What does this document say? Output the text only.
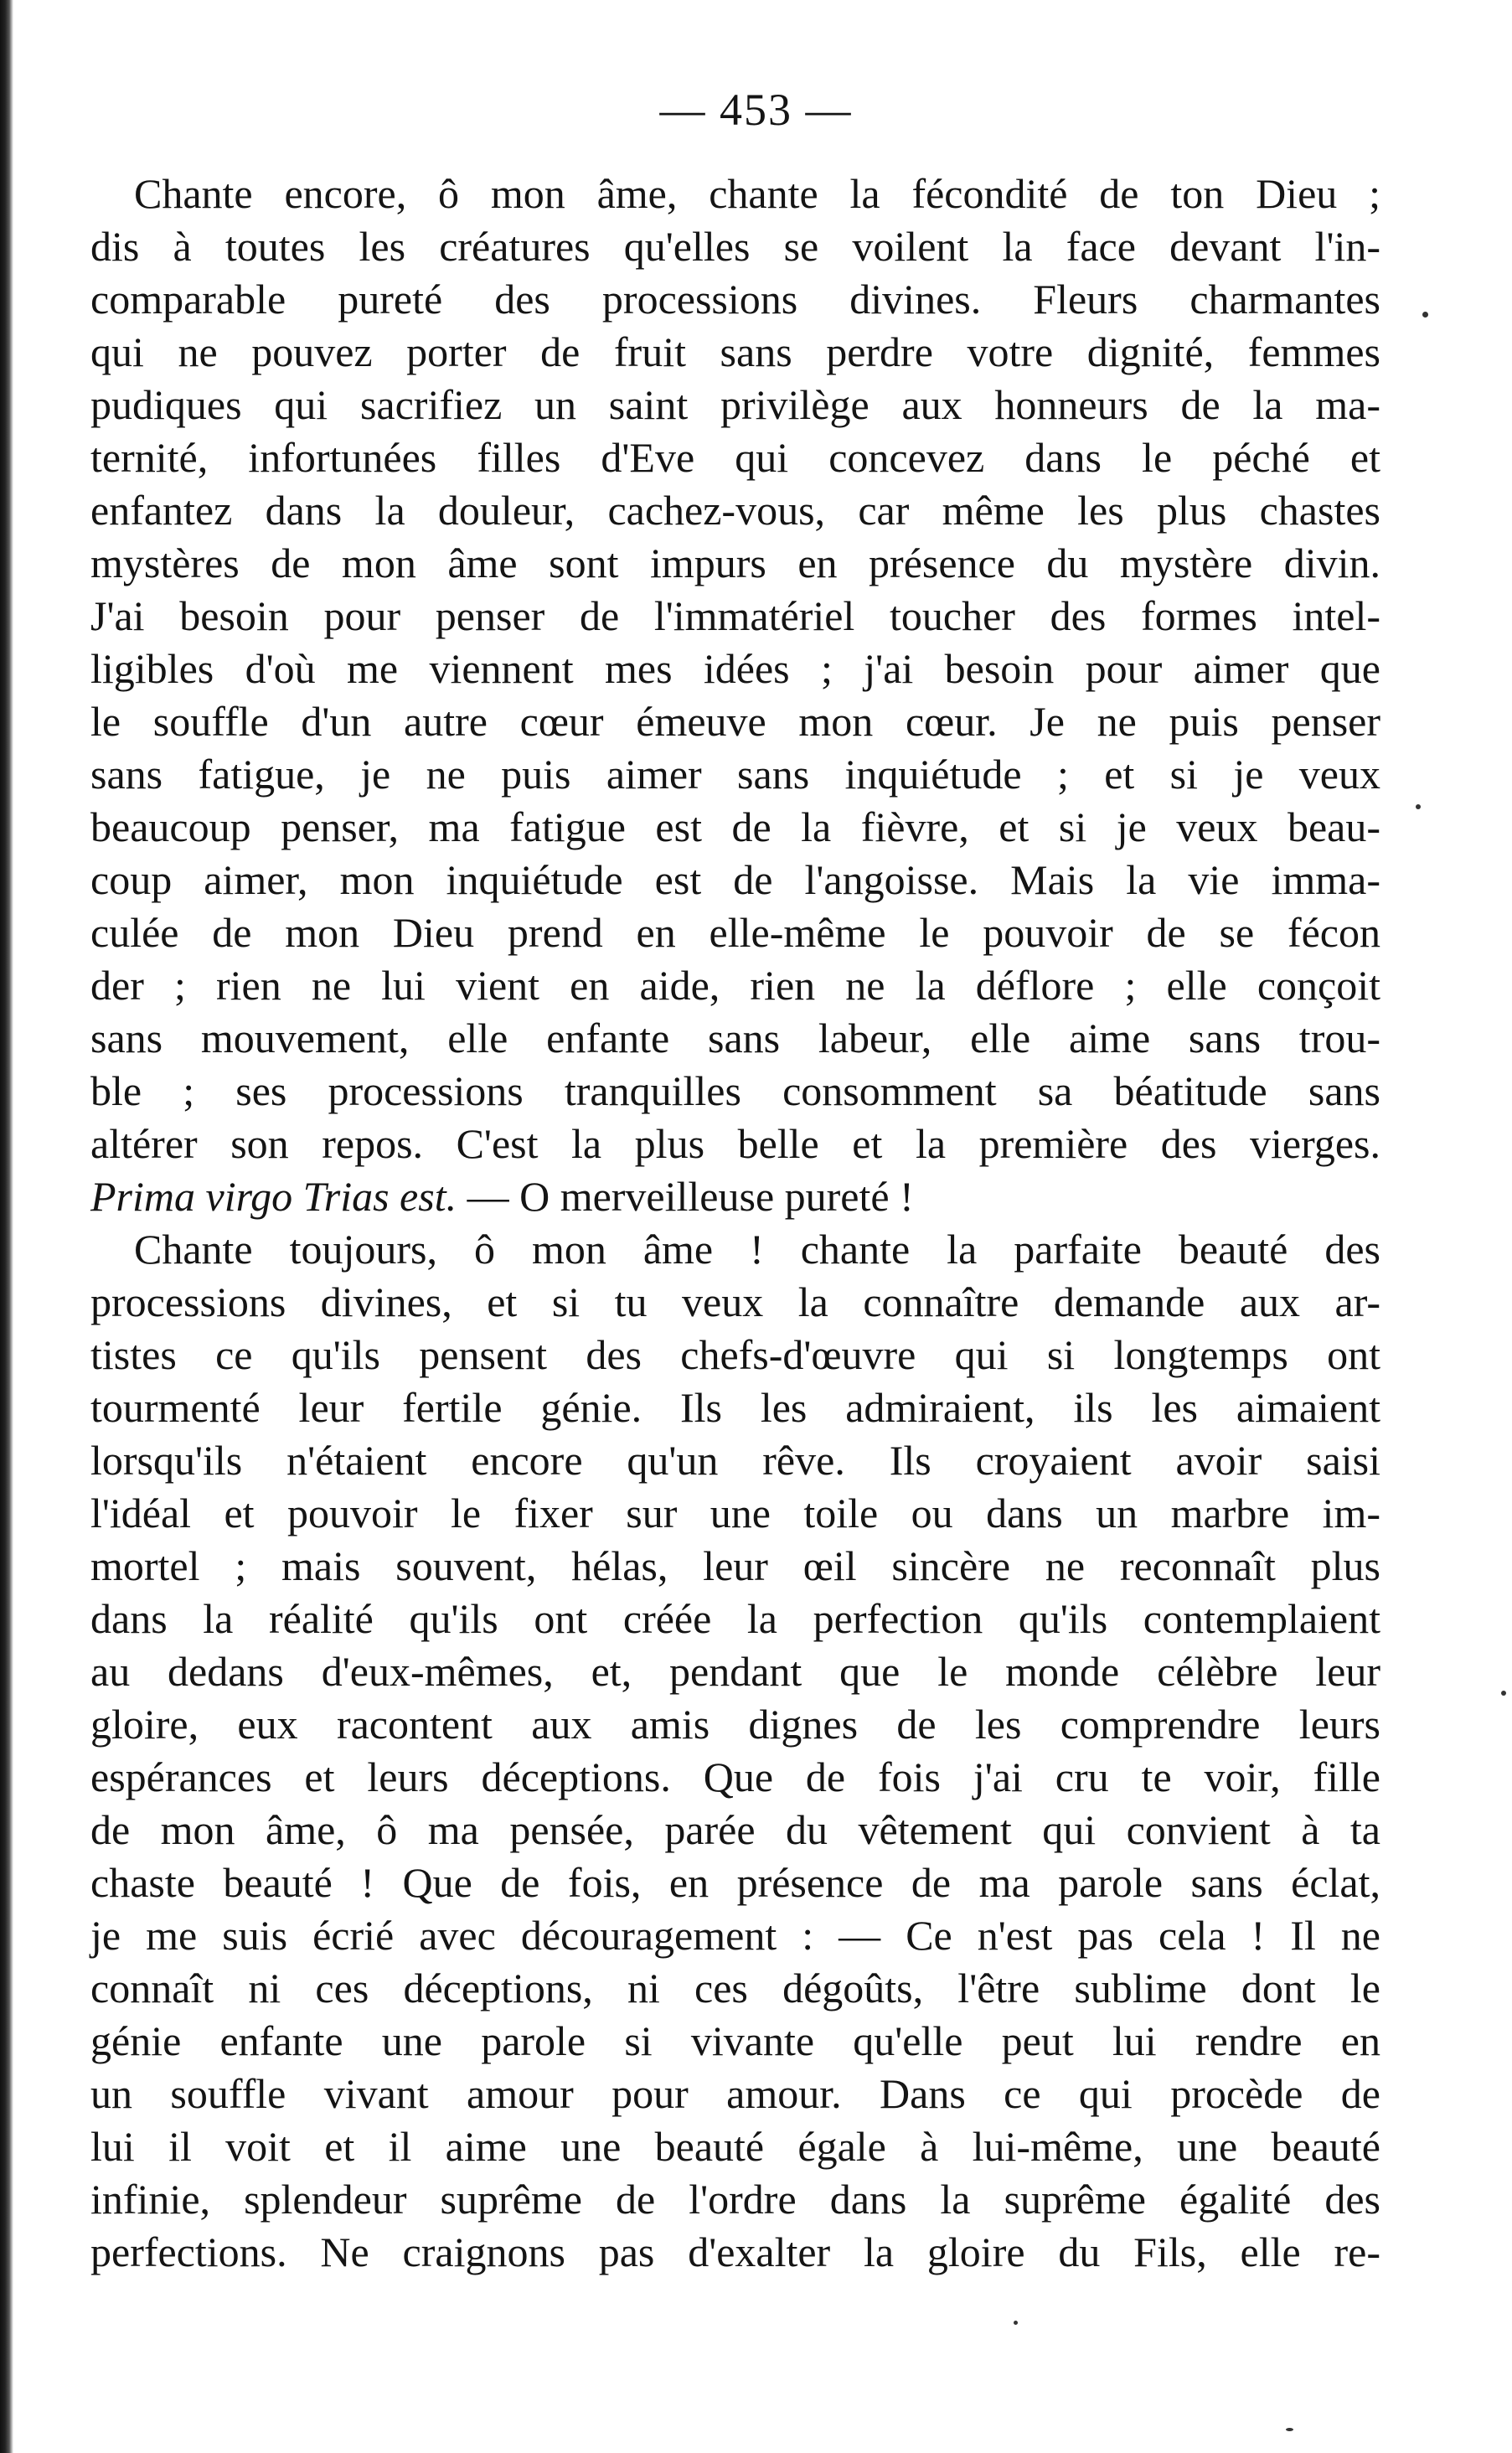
— 453 —
Chante encore, ô mon âme, chante la fécondité de ton Dieu ;
dis à toutes les créatures qu'elles se voilent la face devant l'in-
comparable pureté des processions divines. Fleurs charmantes
qui ne pouvez porter de fruit sans perdre votre dignité, femmes
pudiques qui sacrifiez un saint privilège aux honneurs de la ma-
ternité, infortunées filles d'Eve qui concevez dans le péché et
enfantez dans la douleur, cachez-vous, car même les plus chastes
mystères de mon âme sont impurs en présence du mystère divin.
J'ai besoin pour penser de l'immatériel toucher des formes intel-
ligibles d'où me viennent mes idées ; j'ai besoin pour aimer que
le souffle d'un autre cœur émeuve mon cœur. Je ne puis penser
sans fatigue, je ne puis aimer sans inquiétude ; et si je veux
beaucoup penser, ma fatigue est de la fièvre, et si je veux beau-
coup aimer, mon inquiétude est de l'angoisse. Mais la vie imma-
culée de mon Dieu prend en elle-même le pouvoir de se fécon
der ; rien ne lui vient en aide, rien ne la déflore ; elle conçoit
sans mouvement, elle enfante sans labeur, elle aime sans trou-
ble ; ses processions tranquilles consomment sa béatitude sans
altérer son repos. C'est la plus belle et la première des vierges.
Prima virgo Trias est. — O merveilleuse pureté !
Chante toujours, ô mon âme ! chante la parfaite beauté des
processions divines, et si tu veux la connaître demande aux ar-
tistes ce qu'ils pensent des chefs-d'œuvre qui si longtemps ont
tourmenté leur fertile génie. Ils les admiraient, ils les aimaient
lorsqu'ils n'étaient encore qu'un rêve. Ils croyaient avoir saisi
l'idéal et pouvoir le fixer sur une toile ou dans un marbre im-
mortel ; mais souvent, hélas, leur œil sincère ne reconnaît plus
dans la réalité qu'ils ont créée la perfection qu'ils contemplaient
au dedans d'eux-mêmes, et, pendant que le monde célèbre leur
gloire, eux racontent aux amis dignes de les comprendre leurs
espérances et leurs déceptions. Que de fois j'ai cru te voir, fille
de mon âme, ô ma pensée, parée du vêtement qui convient à ta
chaste beauté ! Que de fois, en présence de ma parole sans éclat,
je me suis écrié avec découragement : — Ce n'est pas cela ! Il ne
connaît ni ces déceptions, ni ces dégoûts, l'être sublime dont le
génie enfante une parole si vivante qu'elle peut lui rendre en
un souffle vivant amour pour amour. Dans ce qui procède de
lui il voit et il aime une beauté égale à lui-même, une beauté
infinie, splendeur suprême de l'ordre dans la suprême égalité des
perfections. Ne craignons pas d'exalter la gloire du Fils, elle re-
